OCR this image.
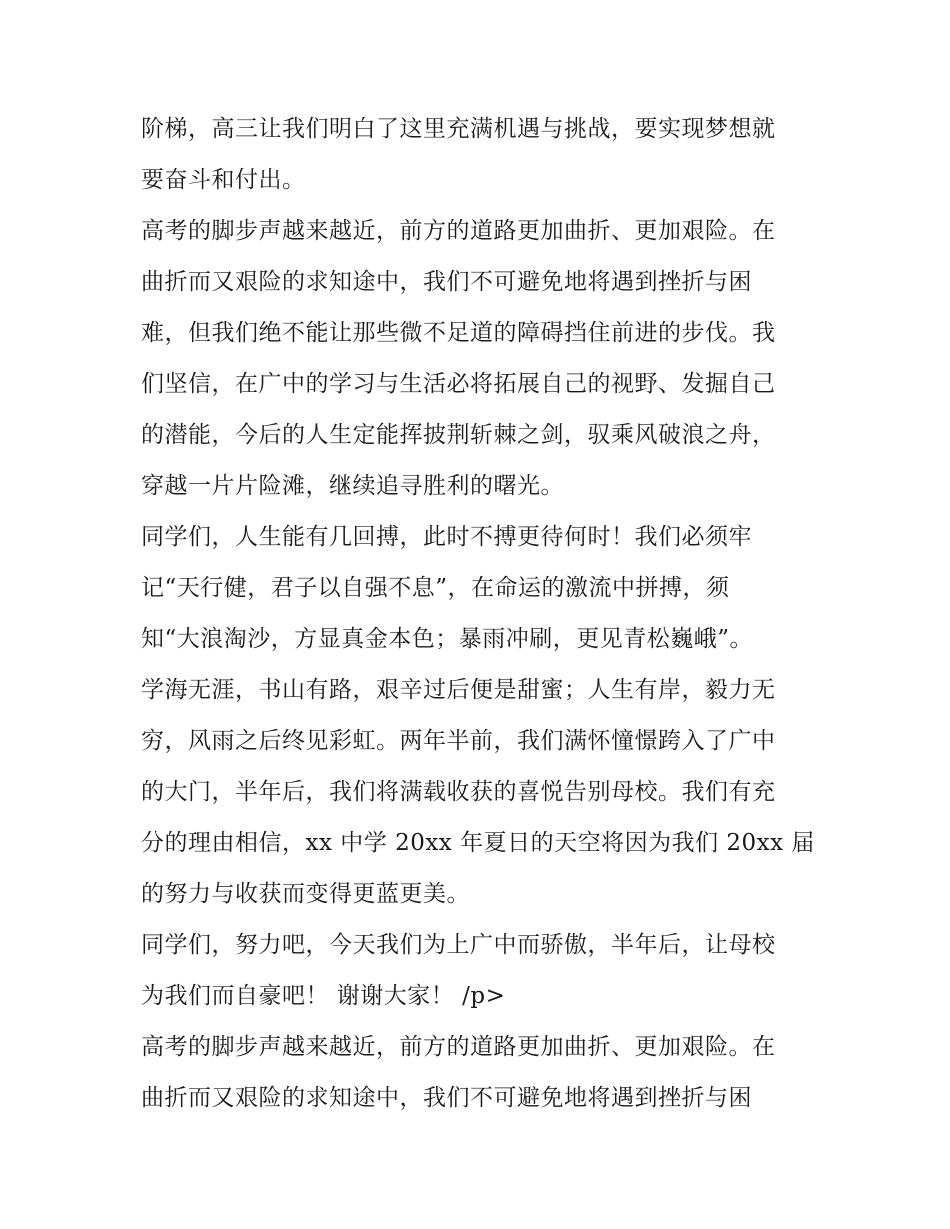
阶梯，高三让我们明白了这里充满机遇与挑战，要实现梦想就
要奋斗和付出。
高考的脚步声越来越近，前方的道路更加曲折、更加艰险。在
曲折而又艰险的求知途中，我们不可避免地将遇到挫折与困
难，但我们绝不能让那些微不足道的障碍挡住前进的步伐。我
们坚信，在广中的学习与生活必将拓展自己的视野、发掘自己
的潜能，今后的人生定能挥披荆斩棘之剑，驭乘风破浪之舟，
穿越一片片险滩，继续追寻胜利的曙光。
同学们，人生能有几回搏，此时不搏更待何时！我们必须牢
记“天行健，君子以自强不息”，在命运的激流中拼搏，须
知“大浪淘沙，方显真金本色；暴雨冲刷，更见青松巍峨”。
学海无涯，书山有路，艰辛过后便是甜蜜；人生有岸，毅力无
穷，风雨之后终见彩虹。两年半前，我们满怀憧憬跨入了广中
的大门，半年后，我们将满载收获的喜悦告别母校。我们有充
分的理由相信，xx 中学 20xx 年夏日的天空将因为我们 20xx 届
的努力与收获而变得更蓝更美。
同学们，努力吧，今天我们为上广中而骄傲，半年后，让母校
为我们而自豪吧！ 谢谢大家！ /p>
高考的脚步声越来越近，前方的道路更加曲折、更加艰险。在
曲折而又艰险的求知途中，我们不可避免地将遇到挫折与困
